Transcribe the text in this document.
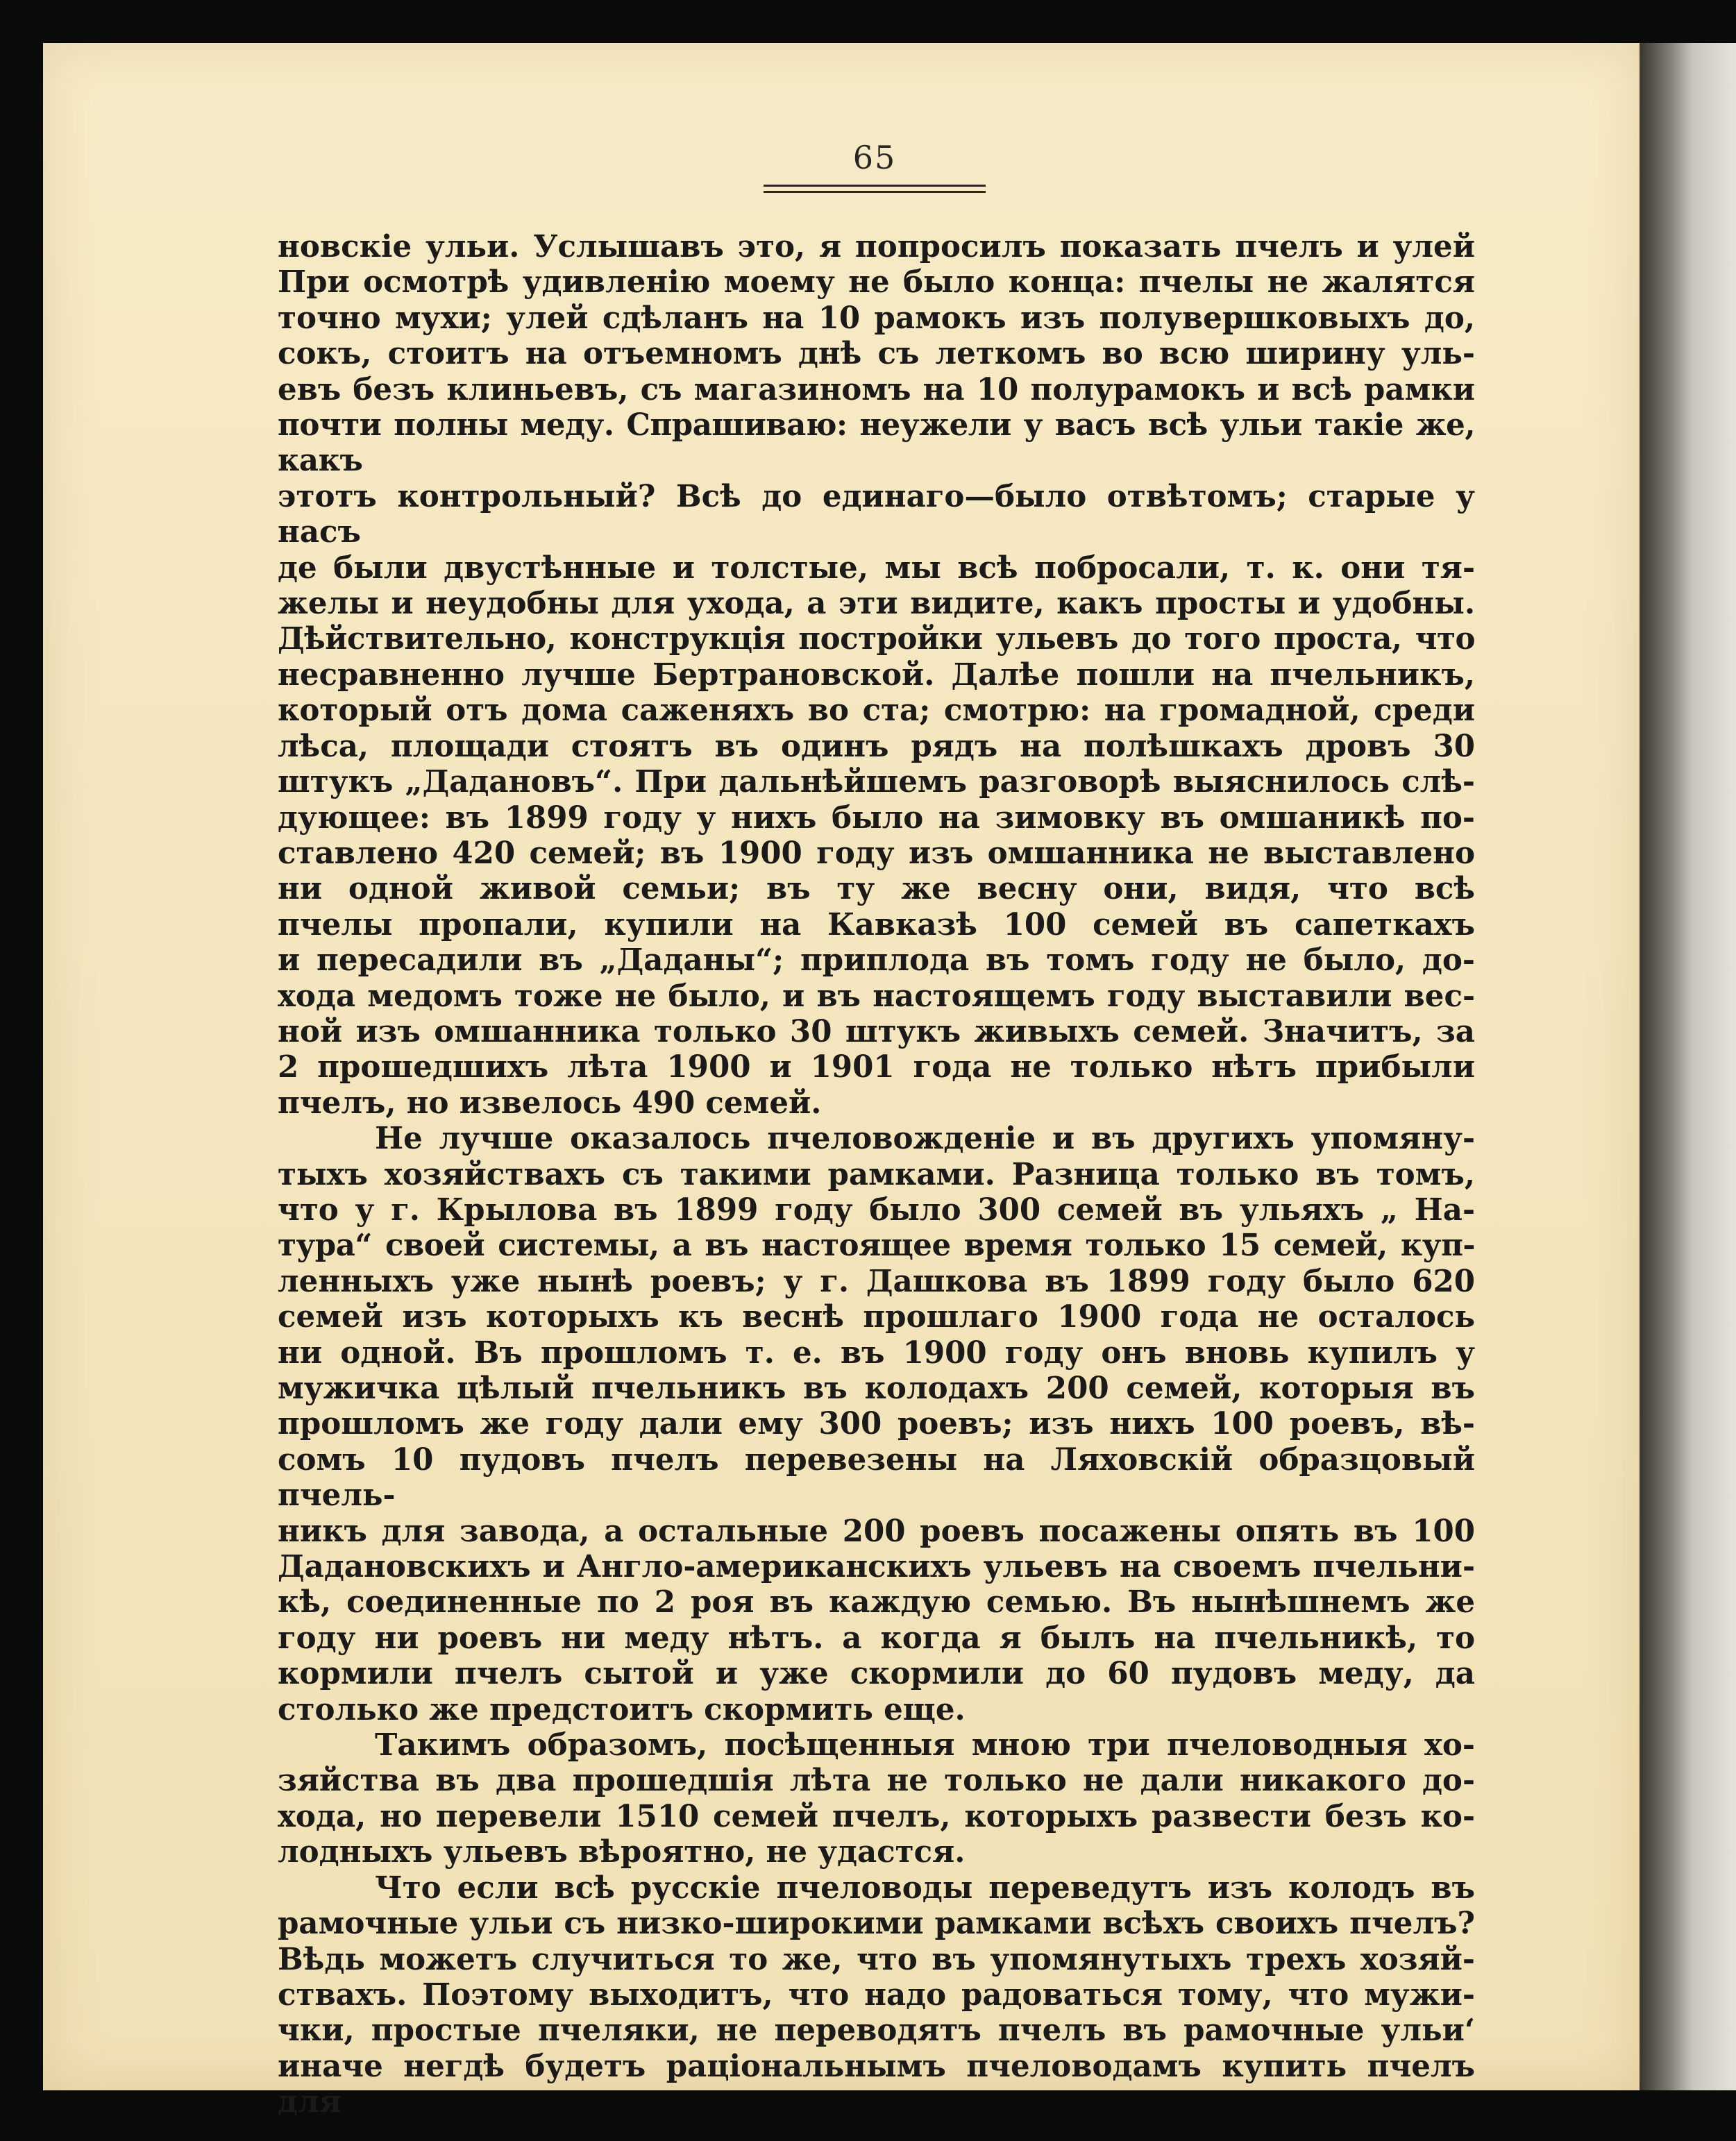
65

новскіе ульи. Услышавъ это, я попросилъ показать пчелъ и улей

При осмотрѣ удивленію моему не было конца: пчелы не жалятся

точно мухи; улей сдѣланъ на 10 рамокъ изъ полувершковыхъ до,

сокъ, стоитъ на отъемномъ днѣ съ леткомъ во всю ширину уль-

евъ безъ клиньевъ, съ магазиномъ на 10 полурамокъ и всѣ рамки

почти полны меду. Спрашиваю: неужели у васъ всѣ ульи такіе же, какъ

этотъ контрольный? Всѣ до единаго—было отвѣтомъ; старые у насъ

де были двустѣнные и толстые, мы всѣ побросали, т. к. они тя-

желы и неудобны для ухода, а эти видите, какъ просты и удобны.

Дѣйствительно, конструкція постройки ульевъ до того проста, что

несравненно лучше Бертрановской. Далѣе пошли на пчельникъ,

который отъ дома саженяхъ во ста; смотрю: на громадной, среди

лѣса, площади стоятъ въ одинъ рядъ на полѣшкахъ дровъ 30

штукъ „Дадановъ“. При дальнѣйшемъ разговорѣ выяснилось слѣ-

дующее: въ 1899 году у нихъ было на зимовку въ омшаникѣ по-

ставлено 420 семей; въ 1900 году изъ омшанника не выставлено

ни одной живой семьи; въ ту же весну они, видя, что всѣ

пчелы пропали, купили на Кавказѣ 100 семей въ сапеткахъ

и пересадили въ „Даданы“; приплода въ томъ году не было, до-

хода медомъ тоже не было, и въ настоящемъ году выставили вес-

ной изъ омшанника только 30 штукъ живыхъ семей. Значитъ, за

2 прошедшихъ лѣта 1900 и 1901 года не только нѣтъ прибыли

пчелъ, но извелось 490 семей.

Не лучше оказалось пчеловожденіе и въ другихъ упомяну-

тыхъ хозяйствахъ съ такими рамками. Разница только въ томъ,

что у г. Крылова въ 1899 году было 300 семей въ ульяхъ „ На-

тура“ своей системы, а въ настоящее время только 15 семей, куп-

ленныхъ уже нынѣ роевъ; у г. Дашкова въ 1899 году было 620

семей изъ которыхъ къ веснѣ прошлаго 1900 года не осталось

ни одной. Въ прошломъ т. е. въ 1900 году онъ вновь купилъ у

мужичка цѣлый пчельникъ въ колодахъ 200 семей, которыя въ

прошломъ же году дали ему 300 роевъ; изъ нихъ 100 роевъ, вѣ-

сомъ 10 пудовъ пчелъ перевезены на Ляховскій образцовый пчель-

никъ для завода, а остальные 200 роевъ посажены опять въ 100

Дадановскихъ и Англо-американскихъ ульевъ на своемъ пчельни-

кѣ, соединенные по 2 роя въ каждую семью. Въ нынѣшнемъ же

году ни роевъ ни меду нѣтъ. а когда я былъ на пчельникѣ, то

кормили пчелъ сытой и уже скормили до 60 пудовъ меду, да

столько же предстоитъ скормить еще.

Такимъ образомъ, посѣщенныя мною три пчеловодныя хо-

зяйства въ два прошедшія лѣта не только не дали никакого до-

хода, но перевели 1510 семей пчелъ, которыхъ развести безъ ко-

лодныхъ ульевъ вѣроятно, не удастся.

Что если всѣ русскіе пчеловоды переведутъ изъ колодъ въ

рамочные ульи съ низко-широкими рамками всѣхъ своихъ пчелъ?

Вѣдь можетъ случиться то же, что въ упомянутыхъ трехъ хозяй-

ствахъ. Поэтому выходитъ, что надо радоваться тому, что мужи-

чки, простые пчеляки, не переводятъ пчелъ въ рамочные ульи‘

иначе негдѣ будетъ раціональнымъ пчеловодамъ купить пчелъ для
